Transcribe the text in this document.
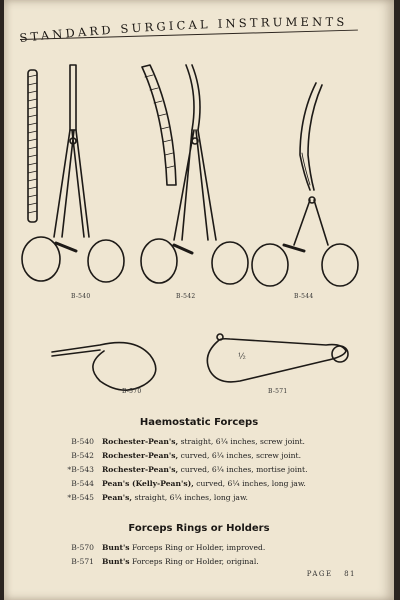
STANDARD SURGICAL INSTRUMENTS
½
B-540	B-542	B-544
B-570	B-571
Haemostatic Forceps
B-540 Rochester-Pean's, straight, 6¼ inches, screw joint.
B-542 Rochester-Pean's, curved, 6¼ inches, screw joint.
*B-543 Rochester-Pean's, curved, 6¼ inches, mortise joint.
B-544 Pean's (Kelly-Pean's), curved, 6¼ inches, long jaw.
*B-545 Pean's, straight, 6¼ inches, long jaw.
Forceps Rings or Holders
B-570 Bunt's Forceps Ring or Holder, improved.
B-571 Bunt's Forceps Ring or Holder, original.
PAGE 81
